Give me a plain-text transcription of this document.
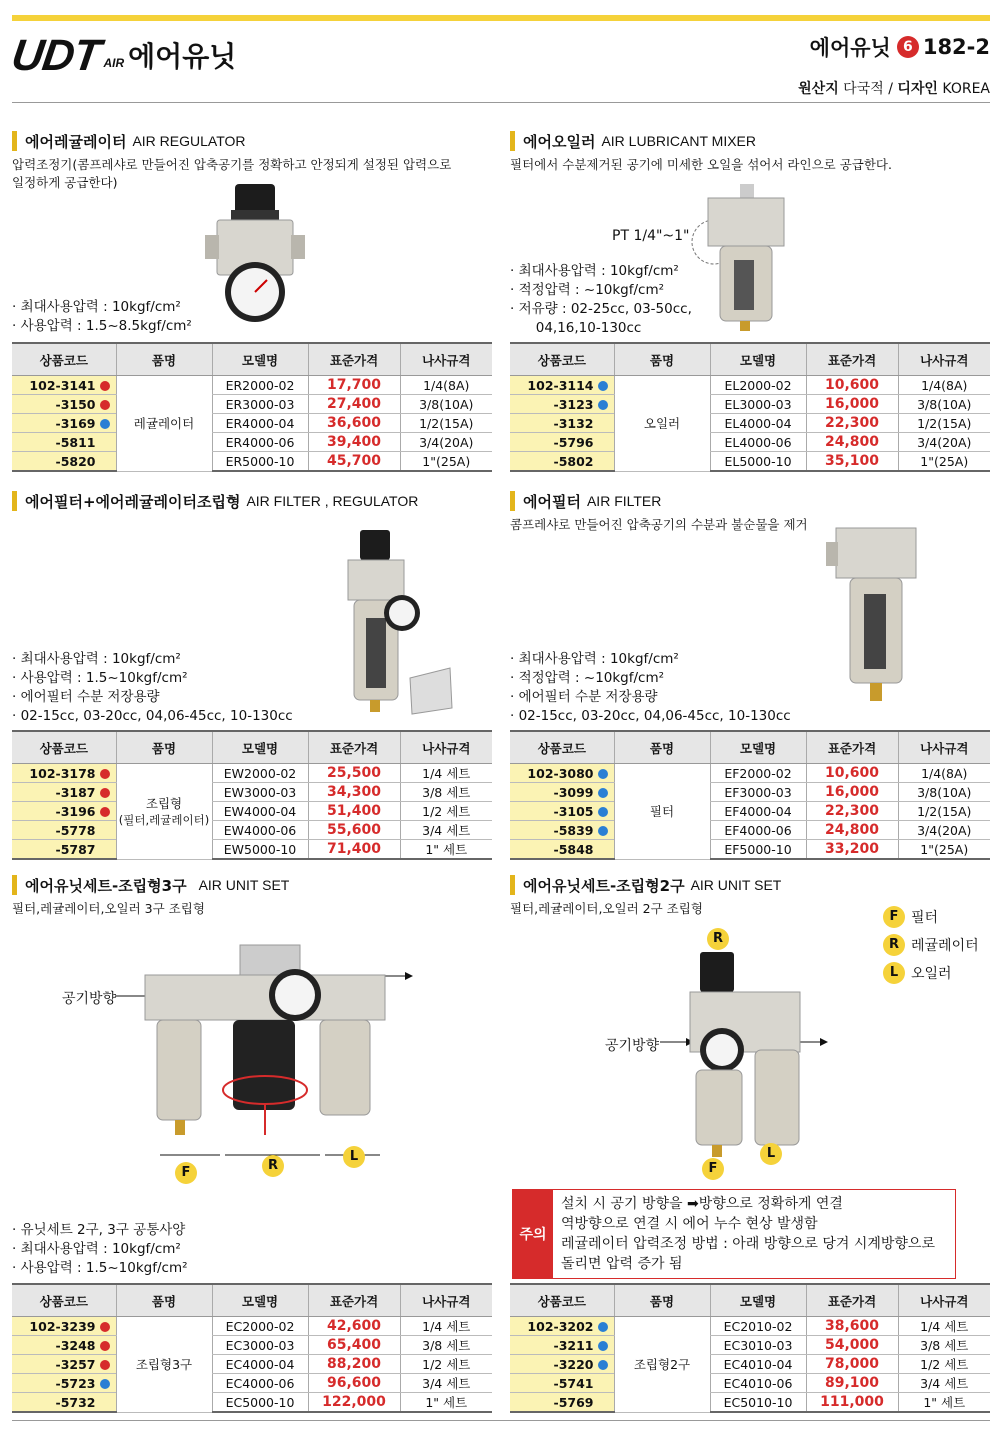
UDT AIR 에어유닛	에어유닛 6 182-2
원산지 다국적 / 디자인 KOREA
에어레귤레이터 AIR REGULATOR
압력조정기(콤프레샤로 만들어진 압축공기를 정확하고 안정되게 설정된 압력으로 일정하게 공급한다)
· 최대사용압력 : 10kgf/cm²
· 사용압력 : 1.5~8.5kgf/cm²
상품코드	품명	모델명	표준가격	나사규격
102-3141	레귤레이터	ER2000-02	17,700	1/4(8A)
-3150		ER3000-03	27,400	3/8(10A)
-3169		ER4000-04	36,600	1/2(15A)
-5811		ER4000-06	39,400	3/4(20A)
-5820		ER5000-10	45,700	1"(25A)
에어오일러 AIR LUBRICANT MIXER
필터에서 수분제거된 공기에 미세한 오일을 섞어서 라인으로 공급한다.
PT 1/4"~1"
· 최대사용압력 : 10kgf/cm²
· 적정압력 : ~10kgf/cm²
· 저유량 : 02-25cc, 03-50cc,
04,16,10-130cc
상품코드	품명	모델명	표준가격	나사규격
102-3114	오일러	EL2000-02	10,600	1/4(8A)
-3123		EL3000-03	16,000	3/8(10A)
-3132		EL4000-04	22,300	1/2(15A)
-5796		EL4000-06	24,800	3/4(20A)
-5802		EL5000-10	35,100	1"(25A)
에어필터+에어레귤레이터조립형 AIR FILTER , REGULATOR
· 최대사용압력 : 10kgf/cm²
· 사용압력 : 1.5~10kgf/cm²
· 에어필터 수분 저장용량
· 02-15cc, 03-20cc, 04,06-45cc, 10-130cc
상품코드	품명	모델명	표준가격	나사규격
102-3178	조립형
(필터,레귤레이터)	EW2000-02	25,500	1/4 세트
-3187		EW3000-03	34,300	3/8 세트
-3196		EW4000-04	51,400	1/2 세트
-5778		EW4000-06	55,600	3/4 세트
-5787		EW5000-10	71,400	1" 세트
에어필터 AIR FILTER
콤프레샤로 만들어진 압축공기의 수분과 불순물을 제거
· 최대사용압력 : 10kgf/cm²
· 적정압력 : ~10kgf/cm²
· 에어필터 수분 저장용량
· 02-15cc, 03-20cc, 04,06-45cc, 10-130cc
상품코드	품명	모델명	표준가격	나사규격
102-3080	필터	EF2000-02	10,600	1/4(8A)
-3099		EF3000-03	16,000	3/8(10A)
-3105		EF4000-04	22,300	1/2(15A)
-5839		EF4000-06	24,800	3/4(20A)
-5848		EF5000-10	33,200	1"(25A)
에어유닛세트-조립형3구 AIR UNIT SET
필터,레귤레이터,오일러 3구 조립형
공기방향
F	R
L
· 유닛세트 2구, 3구 공통사양
· 최대사용압력 : 10kgf/cm²
· 사용압력 : 1.5~10kgf/cm²
상품코드	품명	모델명	표준가격	나사규격
102-3239	조립형3구	EC2000-02	42,600	1/4 세트
-3248		EC3000-03	65,400	3/8 세트
-3257		EC4000-04	88,200	1/2 세트
-5723		EC4000-06	96,600	3/4 세트
-5732		EC5000-10	122,000	1" 세트
에어유닛세트-조립형2구 AIR UNIT SET
필터,레귤레이터,오일러 2구 조립형
F 필터
R 레귤레이터
L 오일러
R
공기방향
F
L
주의
설치 시 공기 방향을 ➡방향으로 정확하게 연결
역방향으로 연결 시 에어 누수 현상 발생함
레귤레이터 압력조정 방법 : 아래 방향으로 당겨 시계방향으로
돌리면 압력 증가 됨
상품코드	품명	모델명	표준가격	나사규격
102-3202	조립형2구	EC2010-02	38,600	1/4 세트
-3211		EC3010-03	54,000	3/8 세트
-3220		EC4010-04	78,000	1/2 세트
-5741		EC4010-06	89,100	3/4 세트
-5769		EC5010-10	111,000	1" 세트
